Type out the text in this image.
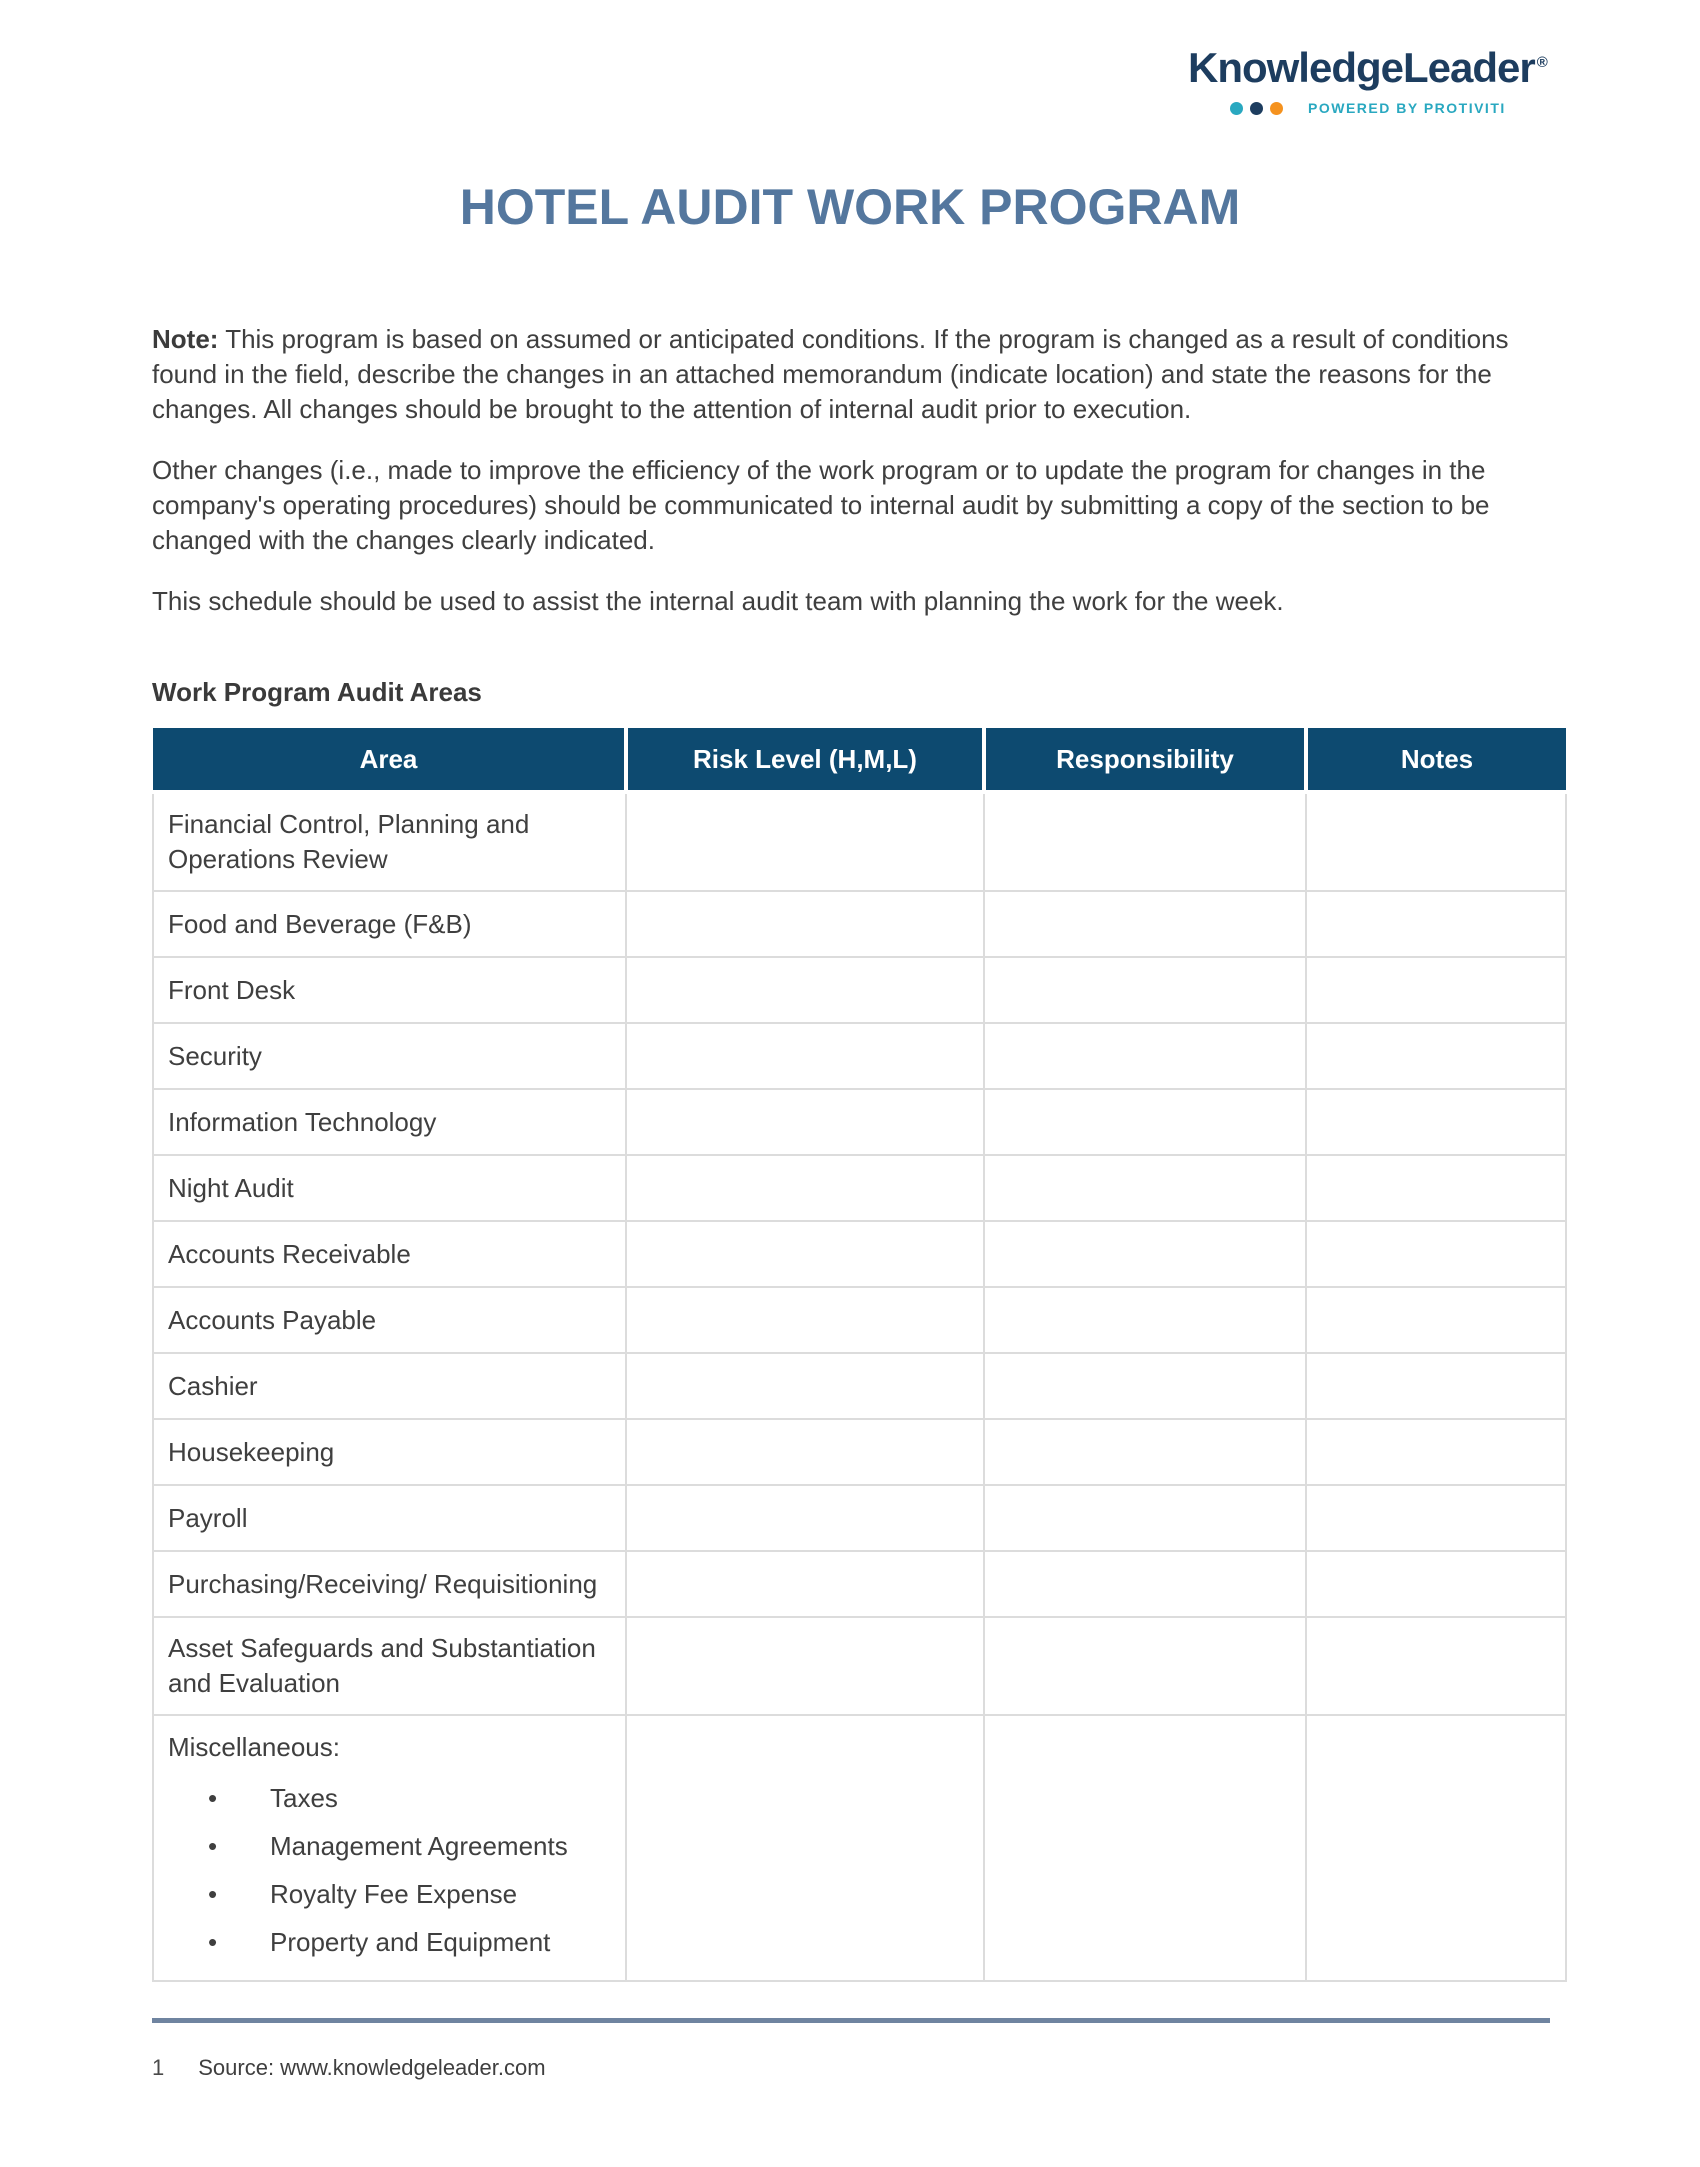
KnowledgeLeader ®
POWERED BY PROTIVITI
HOTEL AUDIT WORK PROGRAM

Note: This program is based on assumed or anticipated conditions. If the program is changed as a result of conditions found in the field, describe the changes in an attached memorandum (indicate location) and state the reasons for the changes. All changes should be brought to the attention of internal audit prior to execution.

Other changes (i.e., made to improve the efficiency of the work program or to update the program for changes in the company's operating procedures) should be communicated to internal audit by submitting a copy of the section to be changed with the changes clearly indicated.

This schedule should be used to assist the internal audit team with planning the work for the week.

Work Program Audit Areas
Area	Risk Level (H,M,L)	Responsibility	Notes
Financial Control, Planning and Operations Review			
Food and Beverage (F&B)			
Front Desk			
Security			
Information Technology			
Night Audit			
Accounts Receivable			
Accounts Payable			
Cashier			
Housekeeping			
Payroll			
Purchasing/Receiving/ Requisitioning			
Asset Safeguards and Substantiation and Evaluation			

Miscellaneous:
• Taxes
• Management Agreements
• Royalty Fee Expense
• Property and Equipment

1 Source: www.knowledgeleader.com
